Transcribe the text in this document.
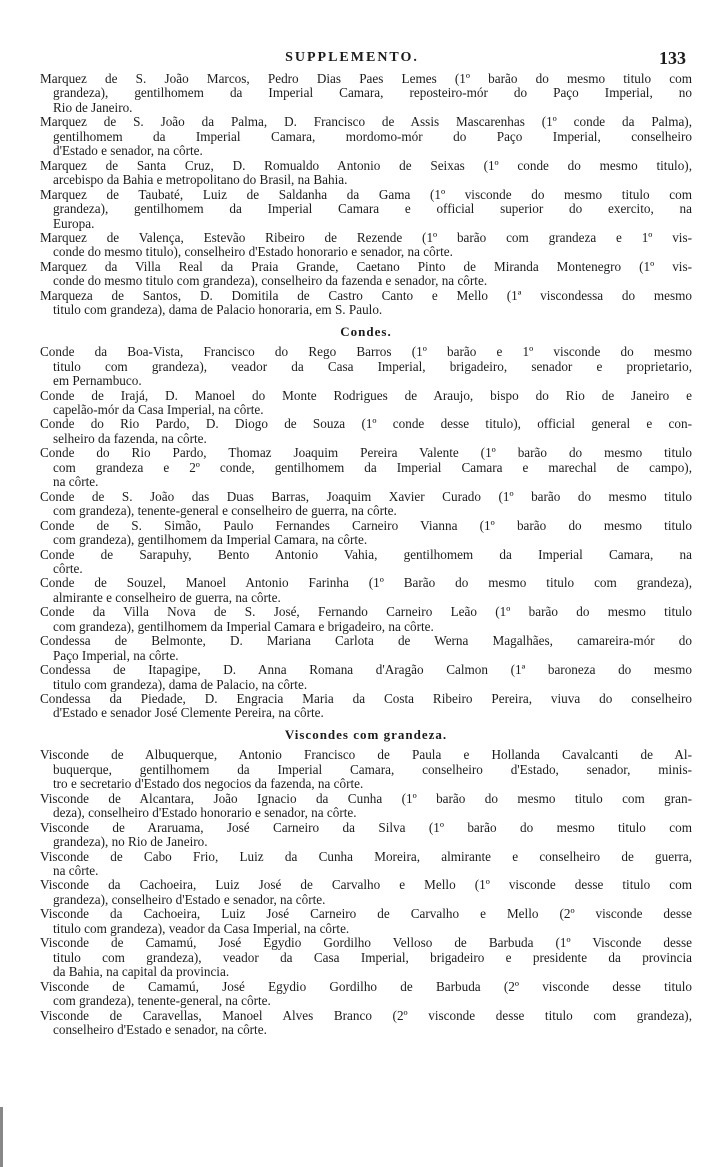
SUPPLEMENTO.	133
Marquez de S. João Marcos, Pedro Dias Paes Lemes (1º barão do mesmo titulo com
grandeza), gentilhomem da Imperial Camara, reposteiro-mór do Paço Imperial, no
Rio de Janeiro.
Marquez de S. João da Palma, D. Francisco de Assis Mascarenhas (1º conde da Palma),
gentilhomem da Imperial Camara, mordomo-mór do Paço Imperial, conselheiro
d'Estado e senador, na côrte.
Marquez de Santa Cruz, D. Romualdo Antonio de Seixas (1º conde do mesmo titulo),
arcebispo da Bahia e metropolitano do Brasil, na Bahia.
Marquez de Taubaté, Luiz de Saldanha da Gama (1º visconde do mesmo titulo com
grandeza), gentilhomem da Imperial Camara e official superior do exercito, na
Europa.
Marquez de Valença, Estevão Ribeiro de Rezende (1º barão com grandeza e 1º vis-
conde do mesmo titulo), conselheiro d'Estado honorario e senador, na côrte.
Marquez da Villa Real da Praia Grande, Caetano Pinto de Miranda Montenegro (1º vis-
conde do mesmo titulo com grandeza), conselheiro da fazenda e senador, na côrte.
Marqueza de Santos, D. Domitila de Castro Canto e Mello (1ª viscondessa do mesmo
titulo com grandeza), dama de Palacio honoraria, em S. Paulo.
Condes.
Conde da Boa-Vista, Francisco do Rego Barros (1º barão e 1º visconde do mesmo
titulo com grandeza), veador da Casa Imperial, brigadeiro, senador e proprietario,
em Pernambuco.
Conde de Irajá, D. Manoel do Monte Rodrigues de Araujo, bispo do Rio de Janeiro e
capelão-mór da Casa Imperial, na côrte.
Conde do Rio Pardo, D. Diogo de Souza (1º conde desse titulo), official general e con-
selheiro da fazenda, na côrte.
Conde do Rio Pardo, Thomaz Joaquim Pereira Valente (1º barão do mesmo titulo
com grandeza e 2º conde, gentilhomem da Imperial Camara e marechal de campo),
na côrte.
Conde de S. João das Duas Barras, Joaquim Xavier Curado (1º barão do mesmo titulo
com grandeza), tenente-general e conselheiro de guerra, na côrte.
Conde de S. Simão, Paulo Fernandes Carneiro Vianna (1º barão do mesmo titulo
com grandeza), gentilhomem da Imperial Camara, na côrte.
Conde de Sarapuhy, Bento Antonio Vahia, gentilhomem da Imperial Camara, na
côrte.
Conde de Souzel, Manoel Antonio Farinha (1º Barão do mesmo titulo com grandeza),
almirante e conselheiro de guerra, na côrte.
Conde da Villa Nova de S. José, Fernando Carneiro Leão (1º barão do mesmo titulo
com grandeza), gentilhomem da Imperial Camara e brigadeiro, na côrte.
Condessa de Belmonte, D. Mariana Carlota de Werna Magalhães, camareira-mór do
Paço Imperial, na côrte.
Condessa de Itapagipe, D. Anna Romana d'Aragão Calmon (1ª baroneza do mesmo
titulo com grandeza), dama de Palacio, na côrte.
Condessa da Piedade, D. Engracia Maria da Costa Ribeiro Pereira, viuva do conselheiro
d'Estado e senador José Clemente Pereira, na côrte.
Viscondes com grandeza.
Visconde de Albuquerque, Antonio Francisco de Paula e Hollanda Cavalcanti de Al-
buquerque, gentilhomem da Imperial Camara, conselheiro d'Estado, senador, minis-
tro e secretario d'Estado dos negocios da fazenda, na côrte.
Visconde de Alcantara, João Ignacio da Cunha (1º barão do mesmo titulo com gran-
deza), conselheiro d'Estado honorario e senador, na côrte.
Visconde de Araruama, José Carneiro da Silva (1º barão do mesmo titulo com
grandeza), no Rio de Janeiro.
Visconde de Cabo Frio, Luiz da Cunha Moreira, almirante e conselheiro de guerra,
na côrte.
Visconde da Cachoeira, Luiz José de Carvalho e Mello (1º visconde desse titulo com
grandeza), conselheiro d'Estado e senador, na côrte.
Visconde da Cachoeira, Luiz José Carneiro de Carvalho e Mello (2º visconde desse
titulo com grandeza), veador da Casa Imperial, na côrte.
Visconde de Camamú, José Egydio Gordilho Velloso de Barbuda (1º Visconde desse
titulo com grandeza), veador da Casa Imperial, brigadeiro e presidente da provincia
da Bahia, na capital da provincia.
Visconde de Camamú, José Egydio Gordilho de Barbuda (2º visconde desse titulo
com grandeza), tenente-general, na côrte.
Visconde de Caravellas, Manoel Alves Branco (2º visconde desse titulo com grandeza),
conselheiro d'Estado e senador, na côrte.
